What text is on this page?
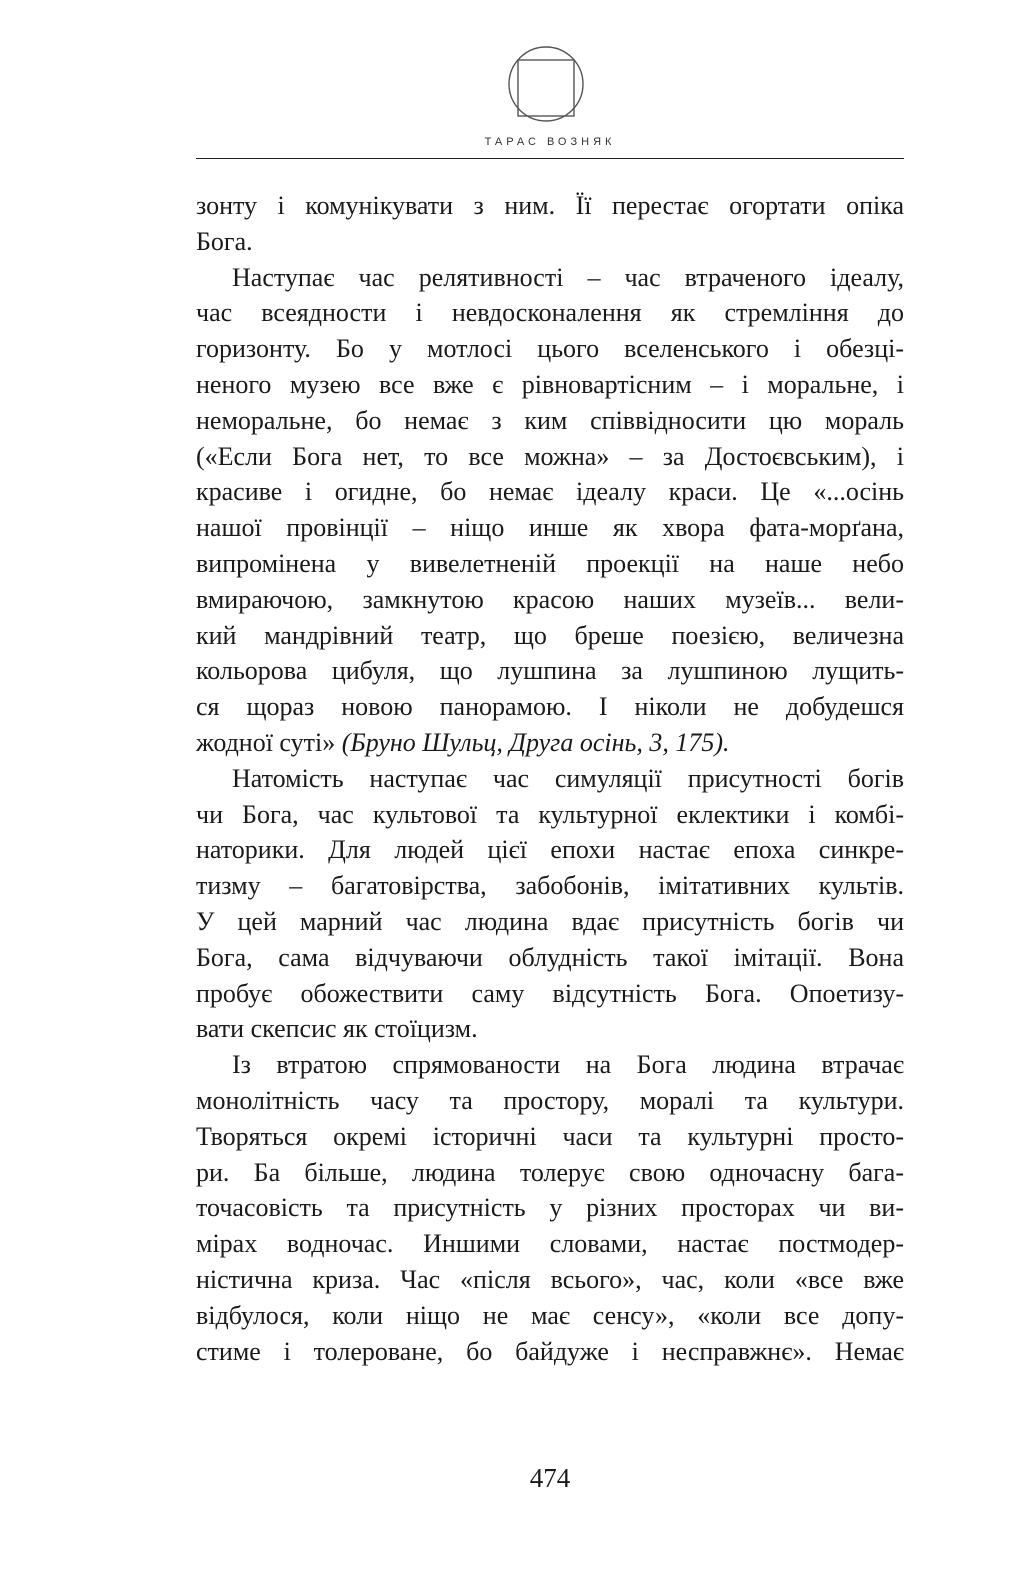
ТАРАС ВОЗНЯК
зонту і комунікувати з ним. Її перестає огортати опіка
Бога.
Наступає час релятивності – час втраченого ідеалу,
час всеядности і невдосконалення як стремління до
горизонту. Бо у мотлосі цього вселенського і обезці-
неного музею все вже є рівновартісним – і моральне, і
неморальне, бо немає з ким співвідносити цю мораль
(«Если Бога нет, то все можна» – за Достоєвським), і
красиве і огидне, бо немає ідеалу краси. Це «...осінь
нашої провінції – ніщо инше як хвора фата-морґана,
випромінена у вивелетненій проекції на наше небо
вмираючою, замкнутою красою наших музеїв... вели-
кий мандрівний театр, що бреше поезією, величезна
кольорова цибуля, що лушпина за лушпиною лущить-
ся щораз новою панорамою. І ніколи не добудешся
жодної суті» (Бруно Шульц, Друга осінь, 3, 175).
Натомість наступає час симуляції присутності богів
чи Бога, час культової та культурної еклектики і комбі-
наторики. Для людей цієї епохи настає епоха синкре-
тизму – багатовірства, забобонів, імітативних культів.
У цей марний час людина вдає присутність богів чи
Бога, сама відчуваючи облудність такої імітації. Вона
пробує обожествити саму відсутність Бога. Опоетизу-
вати скепсис як стоїцизм.
Із втратою спрямованости на Бога людина втрачає
монолітність часу та простору, моралі та культури.
Творяться окремі історичні часи та культурні просто-
ри. Ба більше, людина толерує свою одночасну бага-
точасовість та присутність у різних просторах чи ви-
мірах водночас. Иншими словами, настає постмодер-
ністична криза. Час «після всього», час, коли «все вже
відбулося, коли ніщо не має сенсу», «коли все допу-
стиме і толероване, бо байдуже і несправжнє». Немає
474
